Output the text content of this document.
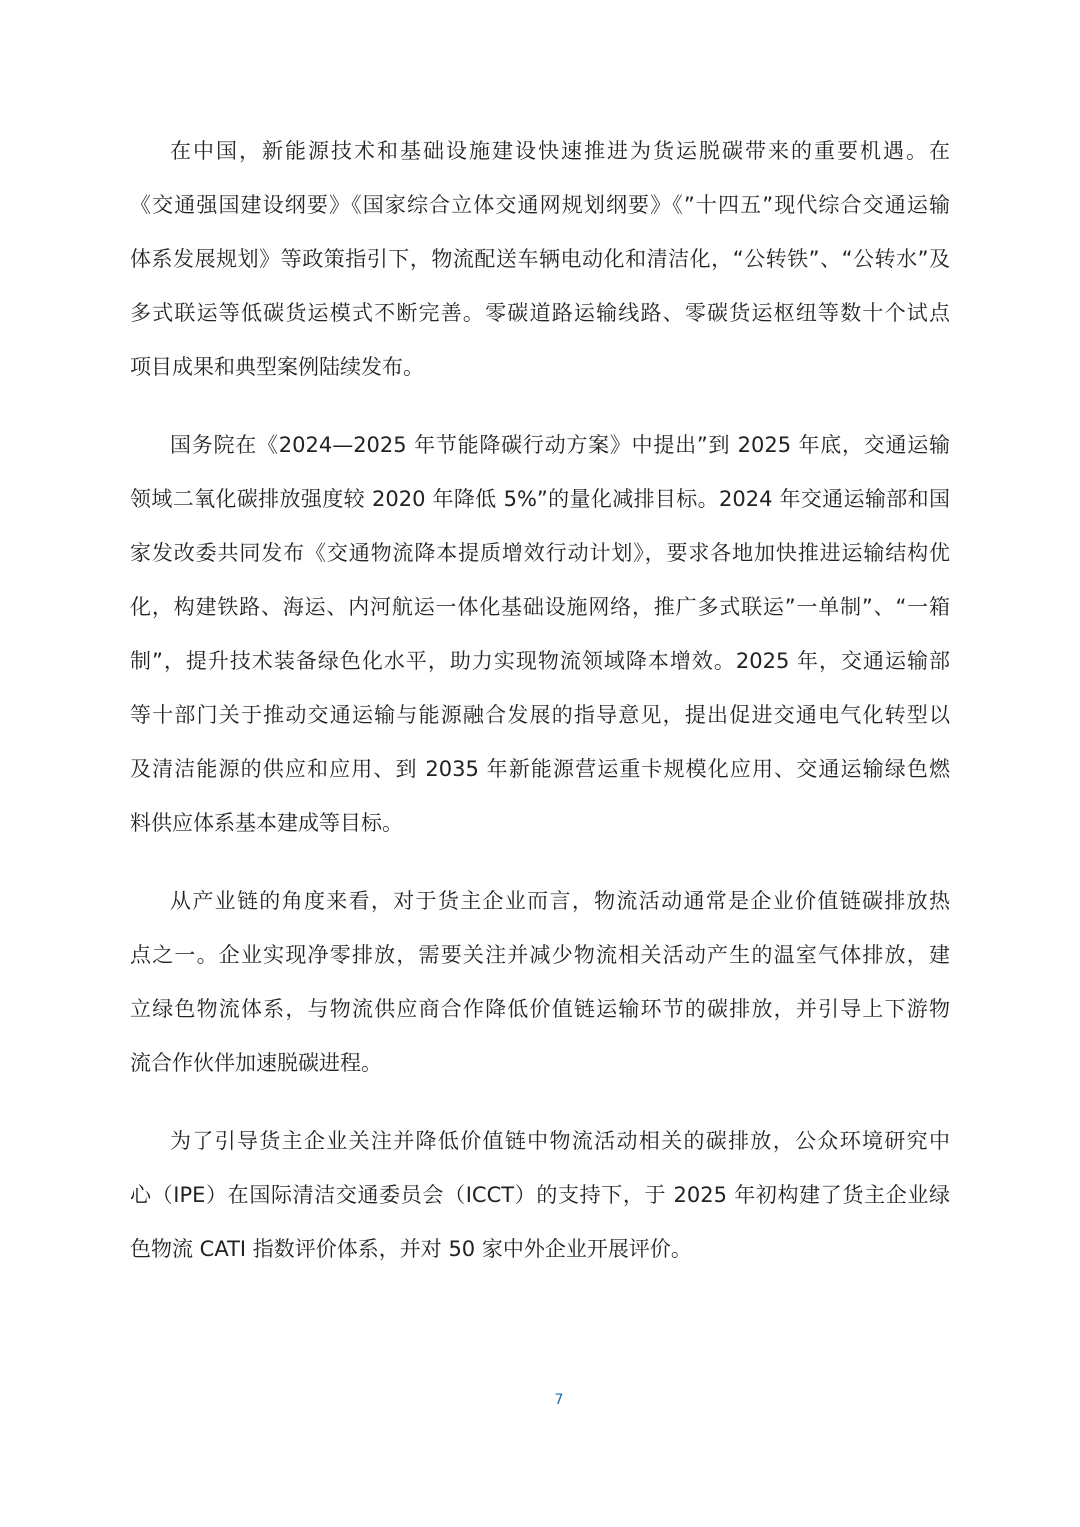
在中国，新能源技术和基础设施建设快速推进为货运脱碳带来的重要机遇。在
《交通强国建设纲要》《国家综合立体交通网规划纲要》《”十四五”现代综合交通运输
体系发展规划》等政策指引下，物流配送车辆电动化和清洁化，“公转铁”、“公转水”及
多式联运等低碳货运模式不断完善。零碳道路运输线路、零碳货运枢纽等数十个试点
项目成果和典型案例陆续发布。
国务院在《2024—2025 年节能降碳行动方案》中提出”到 2025 年底，交通运输
领域二氧化碳排放强度较 2020 年降低 5%”的量化减排目标。2024 年交通运输部和国
家发改委共同发布《交通物流降本提质增效行动计划》，要求各地加快推进运输结构优
化，构建铁路、海运、内河航运一体化基础设施网络，推广多式联运”一单制”、“一箱
制”，提升技术装备绿色化水平，助力实现物流领域降本增效。2025 年，交通运输部
等十部门关于推动交通运输与能源融合发展的指导意见，提出促进交通电气化转型以
及清洁能源的供应和应用、到 2035 年新能源营运重卡规模化应用、交通运输绿色燃
料供应体系基本建成等目标。
从产业链的角度来看，对于货主企业而言，物流活动通常是企业价值链碳排放热
点之一。企业实现净零排放，需要关注并减少物流相关活动产生的温室气体排放，建
立绿色物流体系，与物流供应商合作降低价值链运输环节的碳排放，并引导上下游物
流合作伙伴加速脱碳进程。
为了引导货主企业关注并降低价值链中物流活动相关的碳排放，公众环境研究中
心（IPE）在国际清洁交通委员会（ICCT）的支持下，于 2025 年初构建了货主企业绿
色物流 CATI 指数评价体系，并对 50 家中外企业开展评价。
7
